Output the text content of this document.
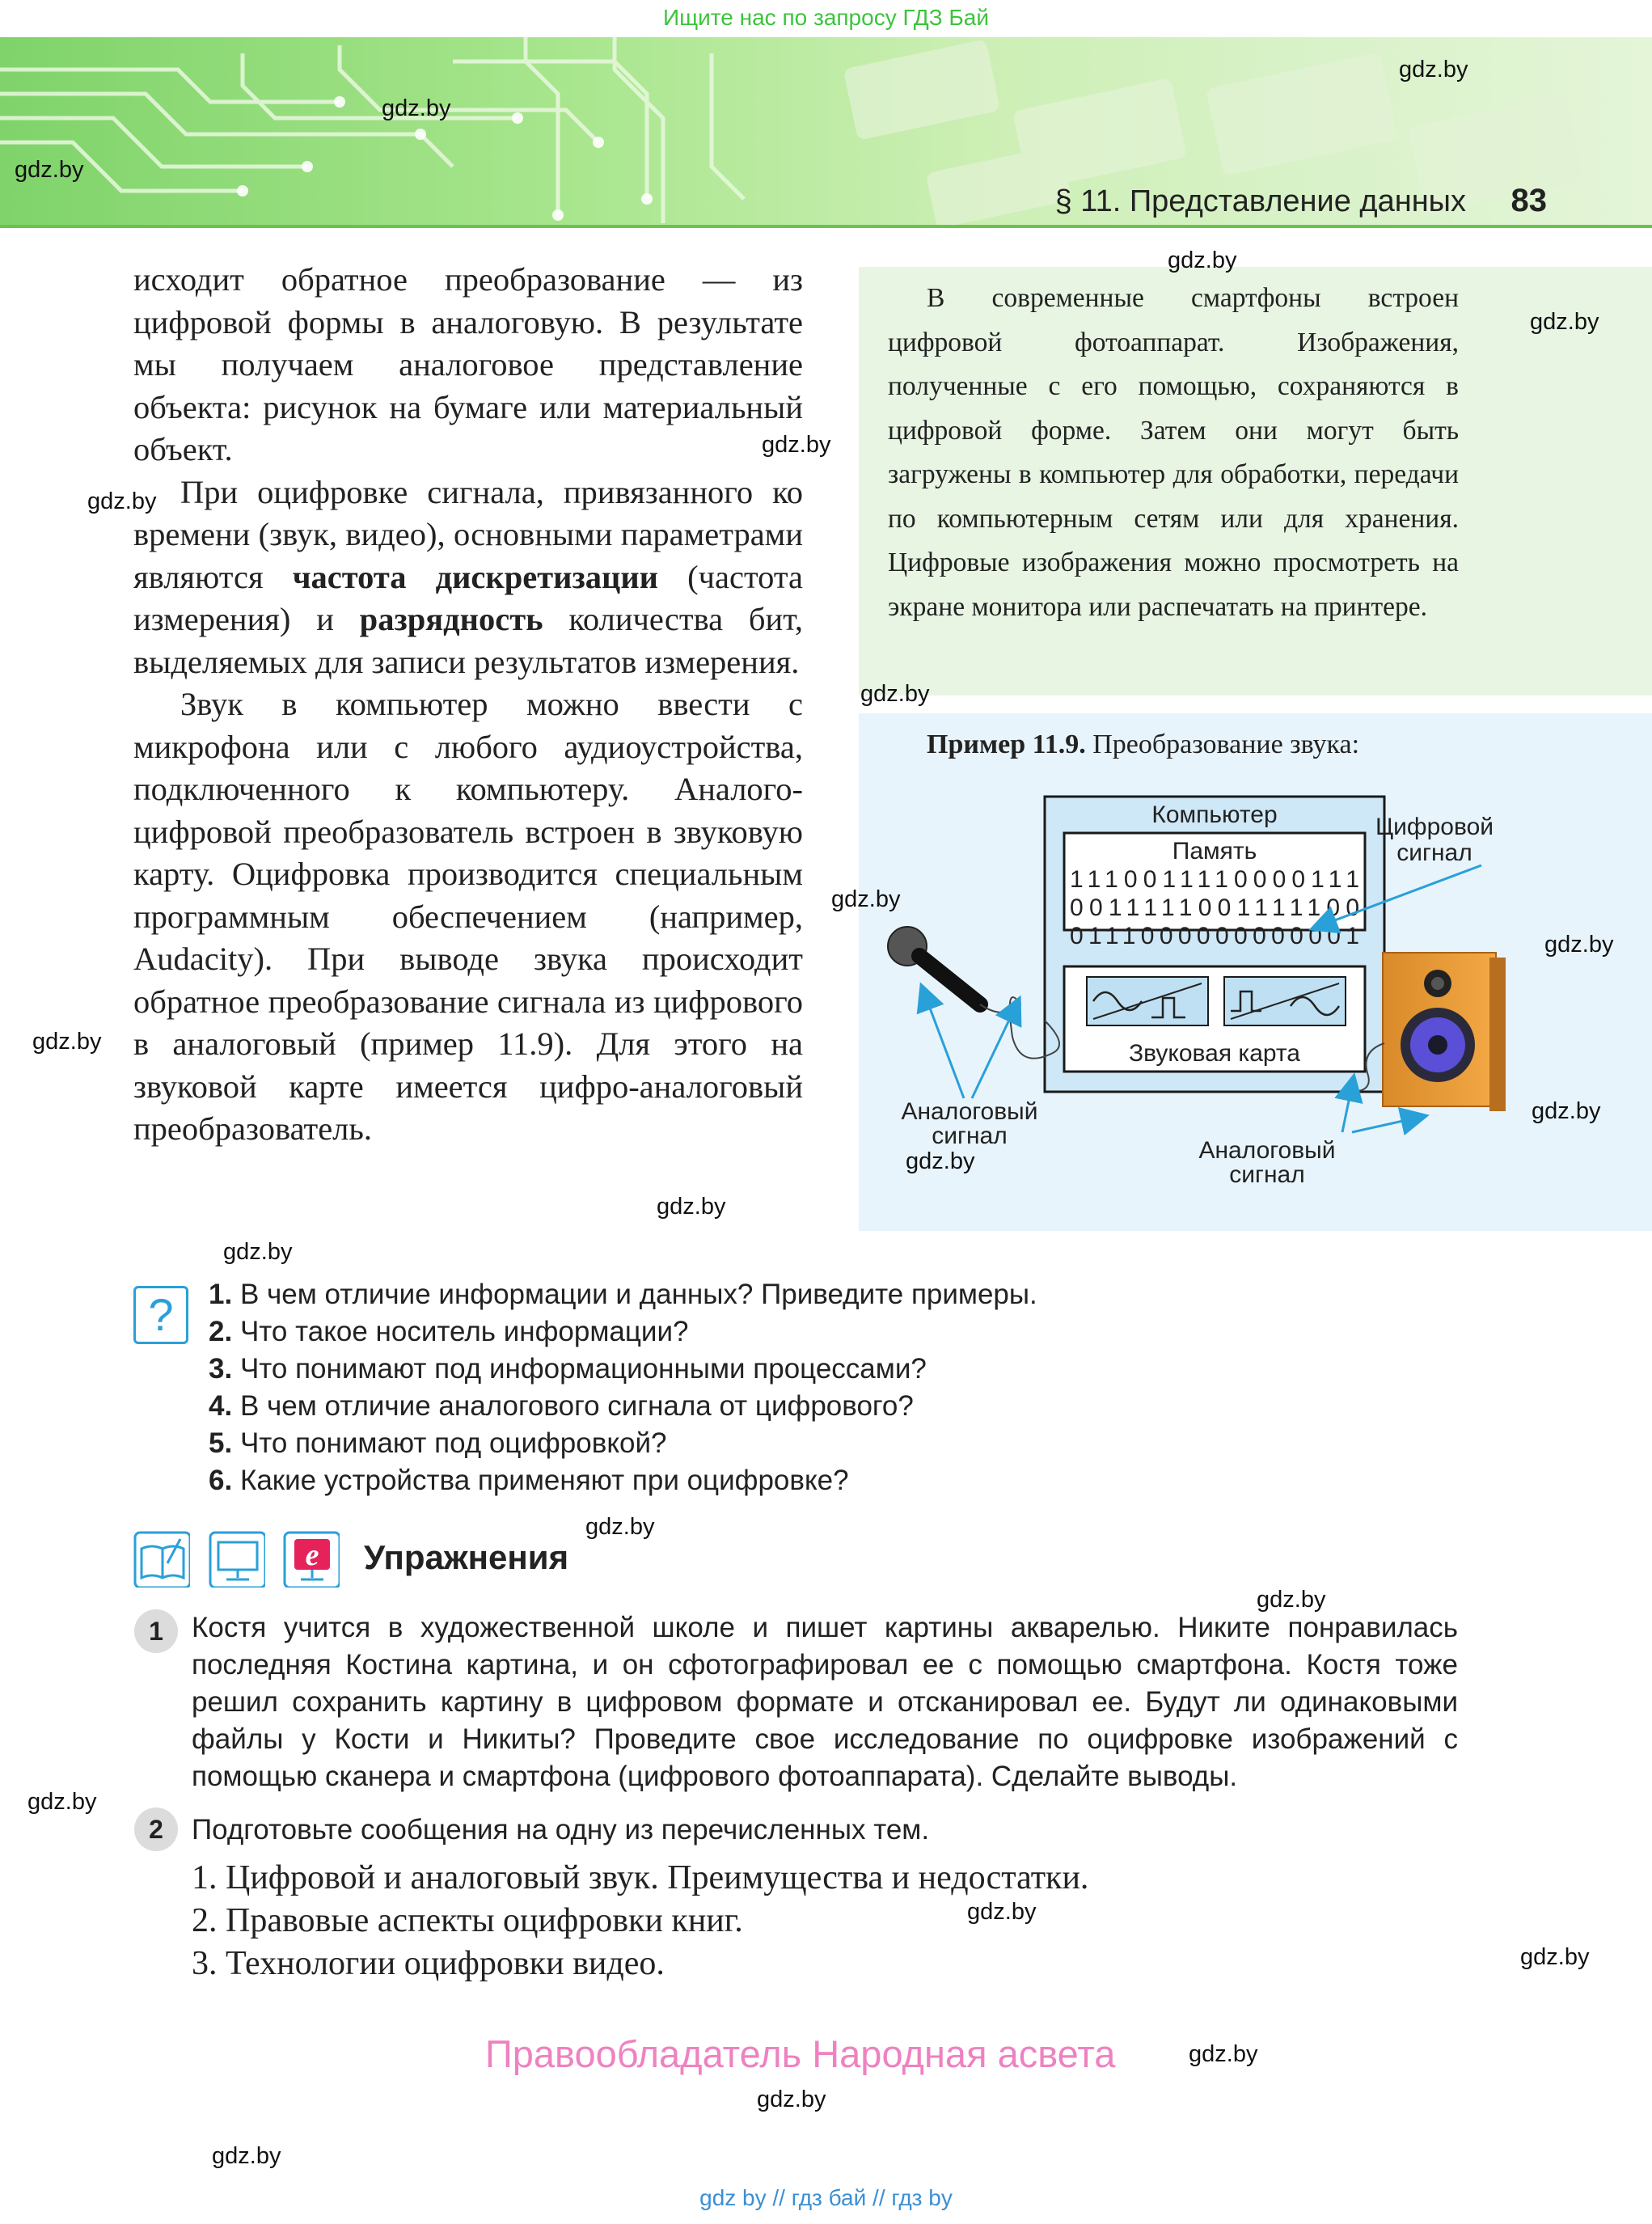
Ищите нас по запросу ГДЗ Бай
§ 11. Представление данных 83

исходит обратное преобразование — из цифровой формы в аналоговую. В результате мы получаем аналоговое представление объекта: рисунок на бумаге или материальный объект.

При оцифровке сигнала, привязанного ко времени (звук, видео), основными параметрами являются частота дискретизации (частота измерения) и разрядность количества бит, выделяемых для записи результатов измерения.

Звук в компьютер можно ввести с микрофона или с любого аудиоустройства, подключенного к компьютеру. Аналого-цифровой преобразователь встроен в звуковую карту. Оцифровка производится специальным программным обеспечением (например, Audacity). При выводе звука происходит обратное преобразование сигнала из цифрового в аналоговый (пример 11.9). Для этого на звуковой карте имеется цифро-аналоговый преобразователь.

В современные смартфоны встроен цифровой фотоаппарат. Изображения, полученные с его помощью, сохраняются в цифровой форме. Затем они могут быть загружены в компьютер для обработки, передачи по компьютерным сетям или для хранения. Цифровые изображения можно просмотреть на экране монитора или распечатать на принтере.

Пример 11.9. Преобразование звука:
Компьютер
Память
1110011110000111
0011111001111100
0111000000000001
Звуковая карта
Цифровой
сигнал
Аналоговый
сигнал
Аналоговый
сигнал
?	1. В чем отличие информации и данных? Приведите примеры.
2. Что такое носитель информации?
3. Что понимают под информационными процессами?
4. В чем отличие аналогового сигнала от цифрового?
5. Что понимают под оцифровкой?
6. Какие устройства применяют при оцифровке?
e Упражнения
1	Костя учится в художественной школе и пишет картины акварелью. Никите понравилась последняя Костина картина, и он сфотографировал ее с помощью смартфона. Костя тоже решил сохранить картину в цифровом формате и отсканировал ее. Будут ли одинаковыми файлы у Кости и Никиты? Проведите свое исследование по оцифровке изображений с помощью сканера и смартфона (цифрового фотоаппарата). Сделайте выводы.

2	Подготовьте сообщения на одну из перечисленных тем.
1. Цифровой и аналоговый звук. Преимущества и недостатки.
2. Правовые аспекты оцифровки книг.
3. Технологии оцифровки видео.
Правообладатель Народная асвета
gdz by // гдз бай // гдз by
gdz.by
gdz.by
gdz.by
gdz.by
gdz.by
gdz.by
gdz.by
gdz.by
gdz.by
gdz.by
gdz.by
gdz.by
gdz.by
gdz.by
gdz.by
gdz.by
gdz.by
gdz.by
gdz.by
gdz.by
gdz.by
gdz.by
gdz.by
